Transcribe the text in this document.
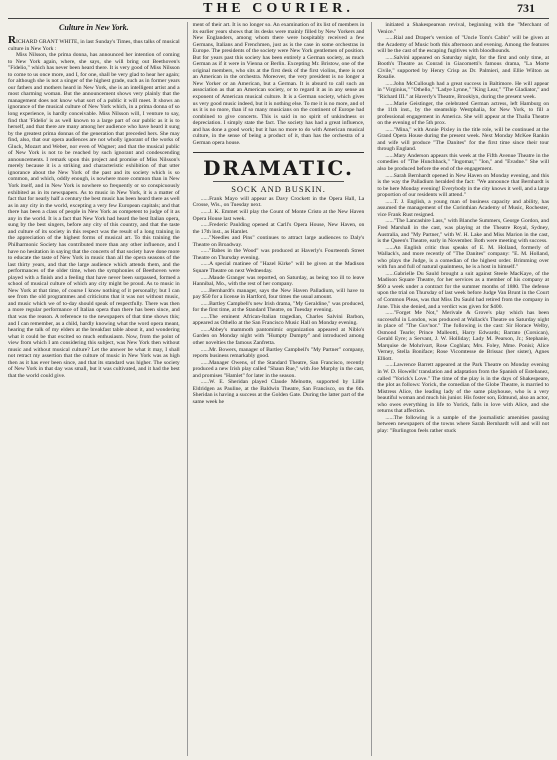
THE COURIER.	731
Culture in New York.

RICHARD GRANT WHITE, in last Sunday's Times, thus talks of musical culture in New York :

Miss Nilsson, the prima donna, has announced her intention of coming to New York again, where, she says, she will bring out Beethoven's "Fidelio," which has never been heard there. It is very good of Miss Nilsson to come to us once more, and I, for one, shall be very glad to hear her again; for although she is not a singer of the highest grade, such as in former years our fathers and mothers heard in New York, she is an intelligent artist and a most charming woman. But the announcement shows very plainly that the management does not know what sort of a public it will meet. It shows an ignorance of the musical culture of New York which, in a prima donna of so long experience, is hardly conceivable. Miss Nilsson will, I venture to say, find that 'Fidelio' is as well known to a large part of our public as it is to herself, and that there are many among her audience who have heard it sung by the greatest prima donnas of the generation that preceded hers. She may find, also, that our opera audiences are not wholly ignorant of the works of Gluck, Mozart and Weber, nor even of Wagner; and that the musical public of New York is not to be reached by such ignorant and condescending announcements. I remark upon this project and promise of Miss Nilsson's merely because it is a striking and characteristic exhibition of that utter ignorance about the New York of the past and its society which is so common, and which, oddly enough, is nowhere more common than in New York itself, and in New York is nowhere so frequently or so conspicuously exhibited as in its newspapers. As to music in New York, it is a matter of fact that for nearly half a century the best music has been heard there as well as in any city in the world, excepting a very few European capitals; and that there has been a class of people in New York as competent to judge of it as any in the world. It is a fact that New York had heard the best Italian opera, sung by the best singers, before any city of this country, and that the taste and culture of its society in this respect was the result of a long training in the appreciation of the highest forms of musical art. To this training the Philharmonic Society has contributed more than any other influence, and I have no hesitation in saying that the concerts of that society have done more to educate the taste of New York in music than all the opera seasons of the last thirty years, and that the large audience which attends them, and the performances of the older time, when the symphonies of Beethoven were played with a finish and a feeling that have never been surpassed, formed a school of musical culture of which any city might be proud. As to music in New York at that time, of course I know nothing of it personally; but I can see from the old programmes and criticisms that it was not without music, and music which we of to-day should speak of respectfully. There was then a more regular performance of Italian opera than there has been since, and that was the reason. A reference to the newspapers of that time shows this; and I can remember, as a child, hardly knowing what the word opera meant, hearing the talk of my elders at the breakfast table about it, and wondering what it could be that excited so much enthusiasm. Now, from the point of view from which I am considering this subject, was New York then without music and without musical culture? Let the answer be what it may, I shall not retract my assertion that the culture of music in New York was as high then as it has ever been since, and that its standard was higher. The society of New York in that day was small, but it was cultivated, and it had the best that the world could give.

ment of their art. It is no longer so. An examination of its list of members in its earlier years shows that its desks were mainly filled by New Yorkers and New Englanders, among whom there were hospitably received a few Germans, Italians and Frenchmen, just as is the case in some orchestras in Europe. The presidents of the society were New York gentlemen of position. But for years past this society has been entirely a German society, as much German as if it were in Vienna or Berlin. Excepting Mr. Bristow, one of the original members, who sits at the first desk of the first violins, there is not an American in the orchestra. Moreover, the very president is no longer a New Yorker or an American, but a German. It is absurd to call such an association as that an American society, or to regard it as in any sense an exponent of American musical culture. It is a German society, which gives us very good music indeed, but it is nothing else. To me it is no more, and of us it is no more, than if so many musicians on the continent of Europe had combined to give concerts. This is said in no spirit of unkindness or depreciation. I simply state the fact. The society has had a great influence, and has done a good work; but it has no more to do with American musical culture, in the sense of being a product of it, than has the orchestra of a German opera house.

DRAMATIC.
SOCK AND BUSKIN.

......Frank Mayo will appear as Davy Crockett in the Opera Hall, La Crosse, Wis., on Tuesday next.

......J. K. Emmet will play the Count of Monte Cristo at the New Haven Opera House last week.

......Frederic Paulding opened at Carll's Opera House, New Haven, on the 17th inst., as Hamlet.

......"Needles and Pins" continues to attract large audiences to Daly's Theatre on Broadway.

......"Babes in the Wood" was produced at Haverly's Fourteenth Street Theatre on Thursday evening.

......A special matinee of "Hazel Kirke" will be given at the Madison Square Theatre on next Wednesday.

......Maude Granger was reported, on Saturday, as being too ill to leave Hannibal, Mo., with the rest of her company.

......Bernhardt's manager, says the New Haven Palladium, will have to pay $50 for a license in Hartford, four times the usual amount.

......Bartley Campbell's new Irish drama, "My Geraldine," was produced, for the first time, at the Standard Theatre, on Tuesday evening.

......The eminent African-Italian tragedian, Charles Salvini Barbon, appeared as Othello at the San Francisco Music Hall on Monday evening.

......Abbey's mammoth pantomimic organization appeared at Niblo's Garden on Monday night with "Humpty Dumpty" and introduced among other novelties the famous Zanfretta.

......Mr. Bowers, manager of Bartley Campbell's "My Partner" company, reports business remarkably good.

......Manager Owens, of the Standard Theatre, San Francisco, recently produced a new Irish play called "Shaun Rue," with Joe Murphy in the cast, and promises "Hamlet" for later in the season.

......W. E. Sheridan played Claude Melnotte, supported by Lillie Eldridgen as Pauline, at the Baldwin Theatre, San Francisco, on the 6th. Sheridan is having a success at the Golden Gate. During the latter part of the same week he

initiated a Shakespearean revival, beginning with the "Merchant of Venice."

......Rial and Draper's version of "Uncle Tom's Cabin" will be given at the Academy of Music both this afternoon and evening. Among the features will be the cast of the escaping fugitives with bloodhounds.

......Salvini appeared on Saturday night, for the first and only time, at Booth's Theatre as Conrad in Giacometti's famous drama, "La Morte Civile," supported by Henry Crisp as Dr. Palmieri, and Ellie Wilton as Rosalie.

......John McCullough had a great success in Baltimore. He will appear in "Virginius," "Othello," "Ladye Lynne," "King Lear," "The Gladiator," and "Richard III." at Haverly's Theatre, Brooklyn, during the present week.

......Marie Geistinger, the celebrated German actress, left Hamburg on the 11th inst., by the steamship Westphalia, for New York, to fill a professional engagement in America. She will appear at the Thalia Theatre on the evening of the 5th prox.

......"Mina," with Annie Pixley in the title role, will be continued at the Grand Opera House during the present week. Next Monday McKee Rankin and wife will produce "The Danites" for the first time since their tour through England.

......Mary Anderson appears this week at the Fifth Avenue Theatre in the comedies of "The Hunchback," "Ingomar," "Ion," and "Evadne." She will also be produced before the end of the engagement.

......Sarah Bernhardt opened in New Haven on Monday evening, and this is the way the Palladium heralded the fact: "We announce that Bernhardt is to be here Monday evening! Everybody in the city knows it well, and a large proportion of our residents will attend."

......T. J. English, a young man of business capacity and ability, has assumed the management of the Corinthian Academy of Music, Rochester, vice Frank Rust resigned.

......"The Lancashire Lass," with Blanche Summers, George Gordon, and Fred Marshall in the cast, was playing at the Theatre Royal, Sydney, Australia, and "My Partner," with W. H. Lake and Miss Marion in the cast, is the Queen's Theatre, early in November. Both were meeting with success.

......An English critic thus speaks of E. M. Holland, formerly of Wallack's, and more recently of "The Danites" company: "E. M. Holland, who plays the Judge, is a comedian of the highest order. Brimming over with fun and full of natural quaintness, he is a host in himself."

......Gabrielle Du Sauld brought a suit against Steele MacKaye, of the Madison Square Theatre, for her services as a member of his company at $60 a week under a contract for the summer months of 1880. The defense upon the trial on Thursday of last week before Judge Van Brunt in the Court of Common Pleas, was that Miss Du Sauld had retired from the company in June. This she denied, and a verdict was given for $400.

......"Forget Me Not," Merivale & Grove's play which has been successful in London, was produced at Wallack's Theatre on Saturday night in place of "The Guv'nor." The following is the cast: Sir Horace Welby, Osmond Tearle; Prince Malleotti, Harry Edwards; Barrato (Corsican), Gerald Eyre; a Servant, J. W. Holliday; Lady M. Pearson, Jr.; Stephanie, Marquise de Mohrivart, Rose Coghlan; Mrs. Foley, Mme. Ponisi; Alice Verney, Stella Boniface; Rose Vicomtesse de Brissac (her sister), Agnes Elliott.

......Lawrence Barrett appeared at the Park Theatre on Monday evening in W. D. Howells' translation and adaptation from the Spanish of Estebanez, called "Yorick's Love." The time of the play is in the days of Shakespeare, the plot as follows: Yorick, the comedian of the Globe Theatre, is married to Mistress Alice, the leading lady of the same playhouse, who is a very beautiful woman and much his junior. His foster son, Edmund, also an actor, who owes everything in life to Yorick, falls in love with Alice, and she returns that affection.

......The following is a sample of the journalistic amenities passing between newspapers of the towns where Sarah Bernhardt will and will not play: "Burlington feels rather stuck
